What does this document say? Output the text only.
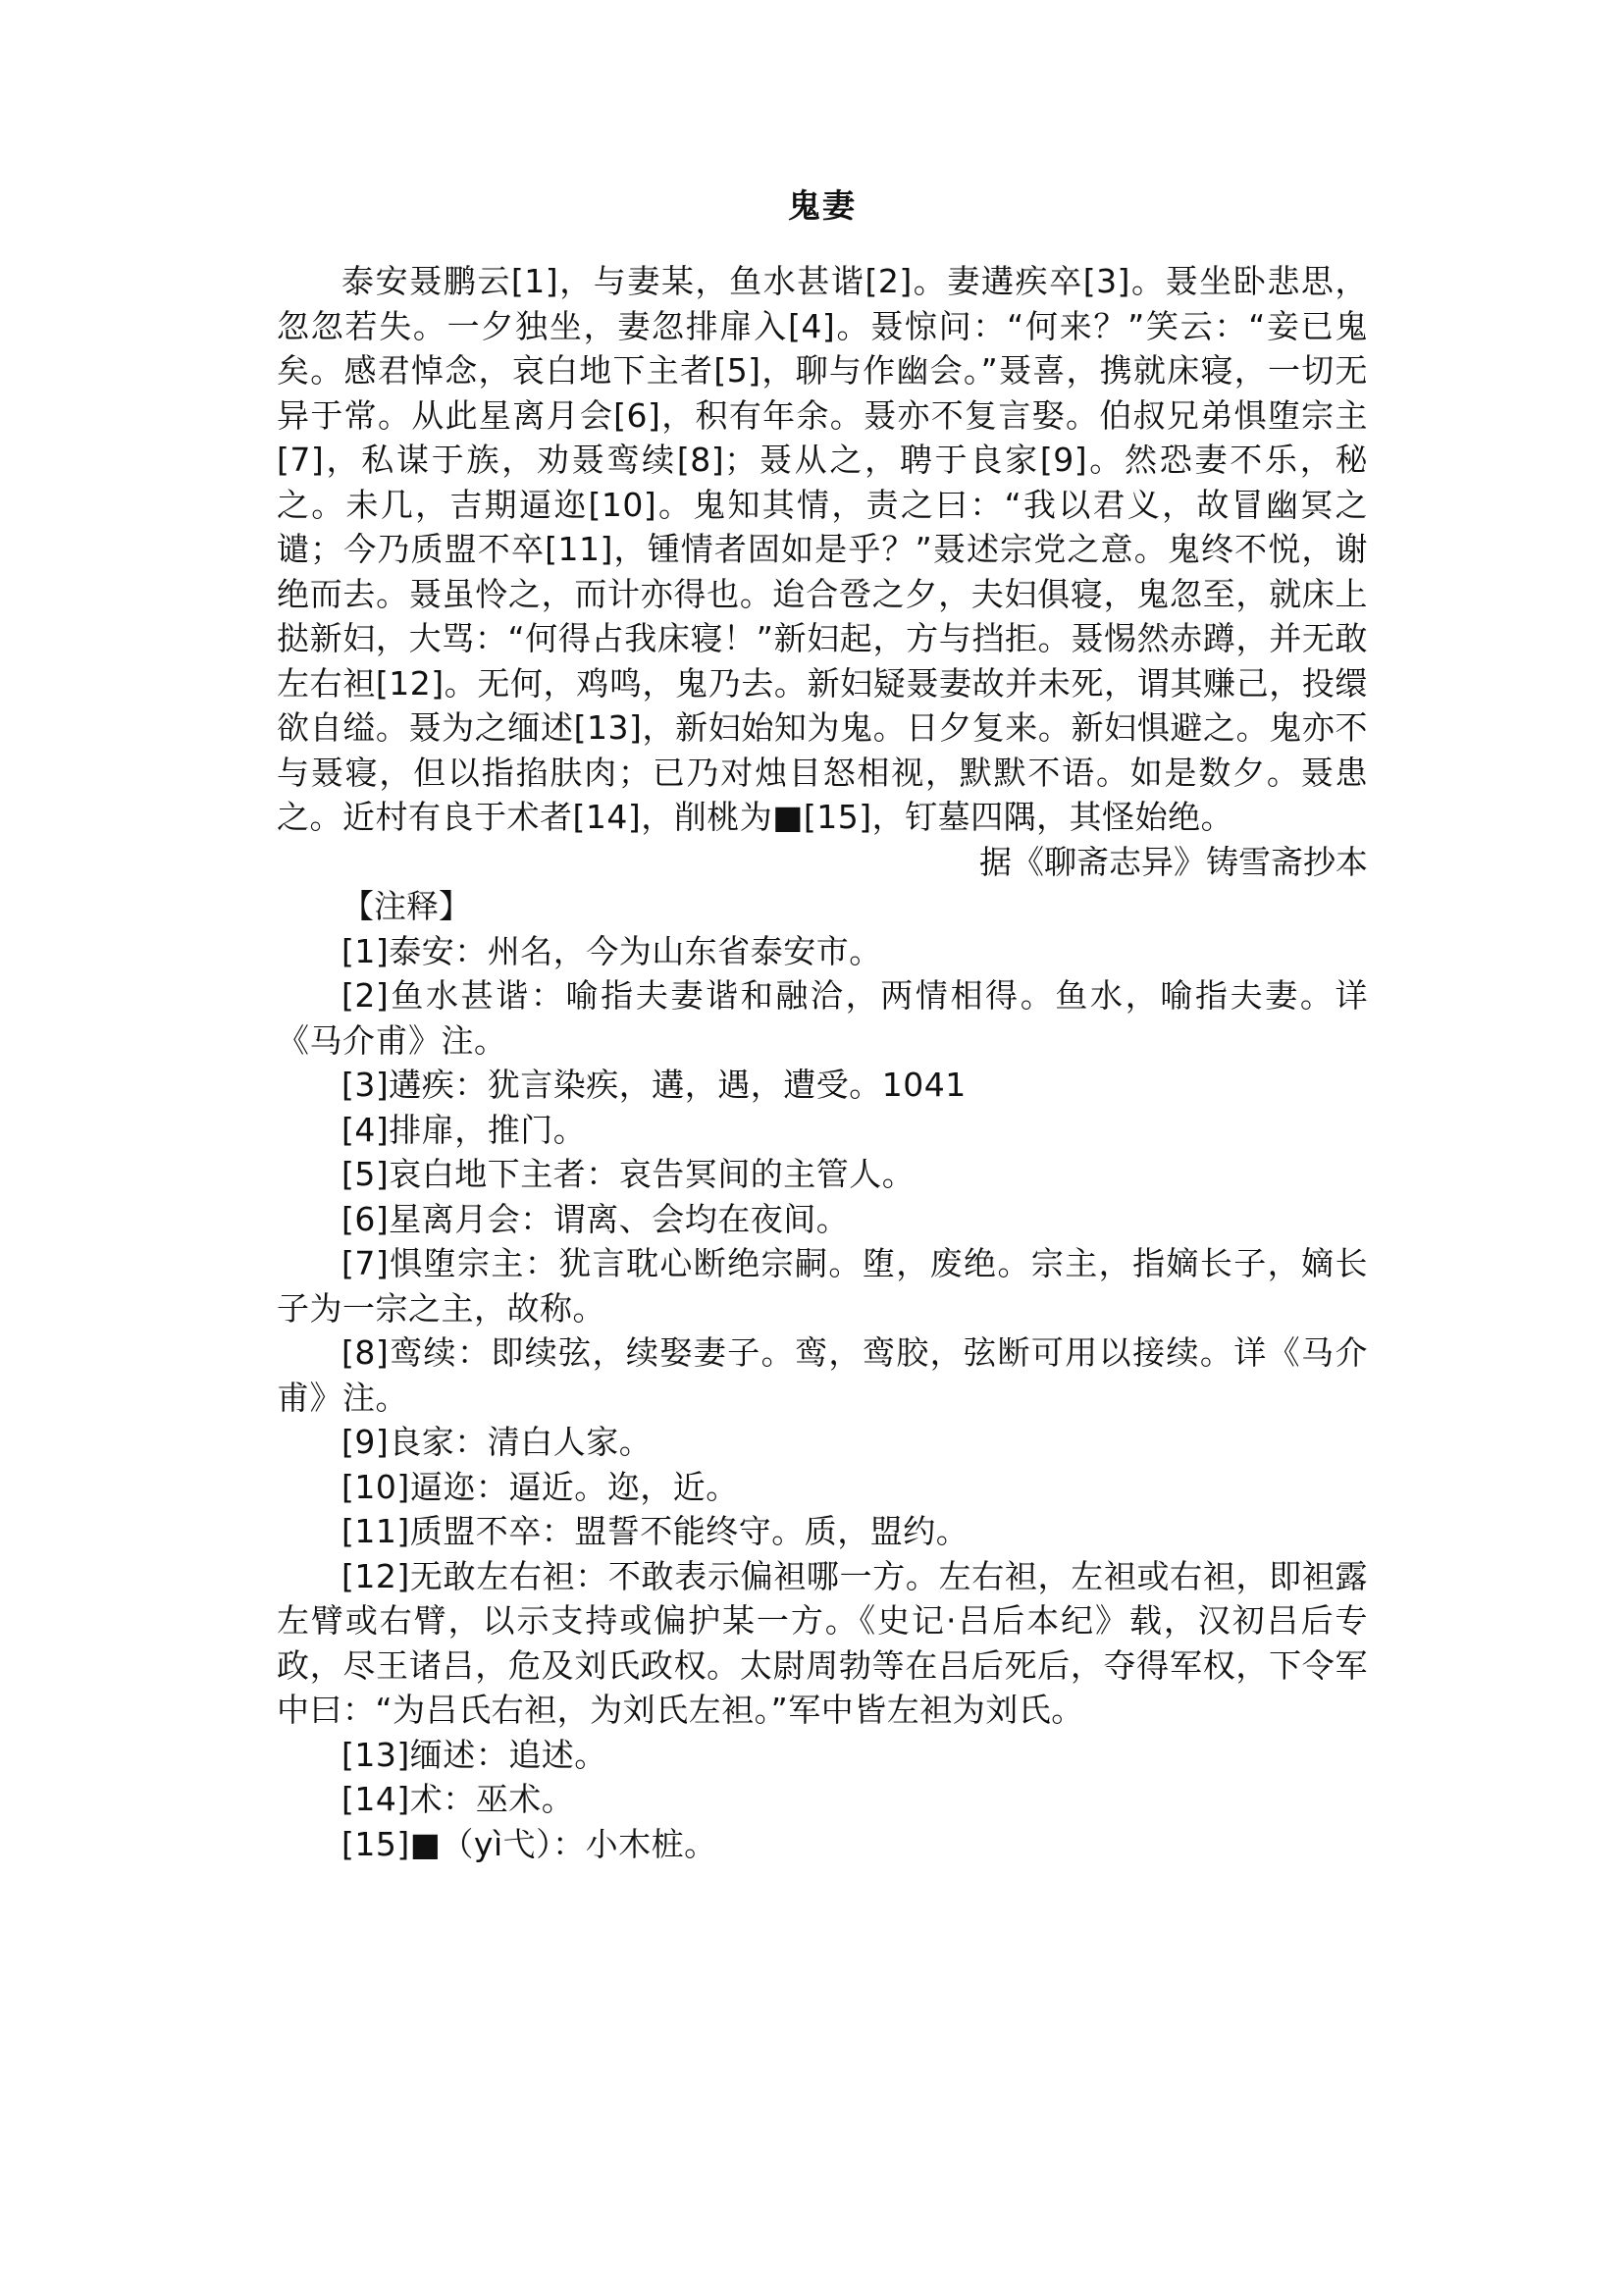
鬼妻

泰安聂鹏云[1]，与妻某，鱼水甚谐[2]。妻遘疾卒[3]。聂坐卧悲思，忽忽若失。一夕独坐，妻忽排扉入[4]。聂惊问：“何来？”笑云：“妾已鬼矣。感君悼念，哀白地下主者[5]，聊与作幽会。”聂喜，携就床寝，一切无异于常。从此星离月会[6]，积有年余。聂亦不复言娶。伯叔兄弟惧堕宗主[7]，私谋于族，劝聂鸾续[8]；聂从之，聘于良家[9]。然恐妻不乐，秘之。未几，吉期逼迩[10]。鬼知其情，责之曰：“我以君义，故冒幽冥之谴；今乃质盟不卒[11]，锺情者固如是乎？”聂述宗党之意。鬼终不悦，谢绝而去。聂虽怜之，而计亦得也。迨合卺之夕，夫妇俱寝，鬼忽至，就床上挞新妇，大骂：“何得占我床寝！”新妇起，方与挡拒。聂惕然赤蹲，并无敢左右袒[12]。无何，鸡鸣，鬼乃去。新妇疑聂妻故并未死，谓其赚己，投缳欲自缢。聂为之缅述[13]，新妇始知为鬼。日夕复来。新妇惧避之。鬼亦不与聂寝，但以指掐肤肉；已乃对烛目怒相视，默默不语。如是数夕。聂患之。近村有良于术者[14]，削桃为■[15]，钉墓四隅，其怪始绝。

据《聊斋志异》铸雪斋抄本

【注释】

[1]泰安：州名，今为山东省泰安市。

[2]鱼水甚谐：喻指夫妻谐和融洽，两情相得。鱼水，喻指夫妻。详《马介甫》注。

[3]遘疾：犹言染疾，遘，遇，遭受。1041

[4]排扉，推门。

[5]哀白地下主者：哀告冥间的主管人。

[6]星离月会：谓离、会均在夜间。

[7]惧堕宗主：犹言耽心断绝宗嗣。堕，废绝。宗主，指嫡长子，嫡长子为一宗之主，故称。

[8]鸾续：即续弦，续娶妻子。鸾，鸾胶，弦断可用以接续。详《马介甫》注。

[9]良家：清白人家。

[10]逼迩：逼近。迩，近。

[11]质盟不卒：盟誓不能终守。质，盟约。

[12]无敢左右袒：不敢表示偏袒哪一方。左右袒，左袒或右袒，即袒露左臂或右臂，以示支持或偏护某一方。《史记·吕后本纪》载，汉初吕后专政，尽王诸吕，危及刘氏政权。太尉周勃等在吕后死后，夺得军权，下令军中曰：“为吕氏右袒，为刘氏左袒。”军中皆左袒为刘氏。

[13]缅述：追述。

[14]术：巫术。

[15]■（yì弋）：小木桩。
